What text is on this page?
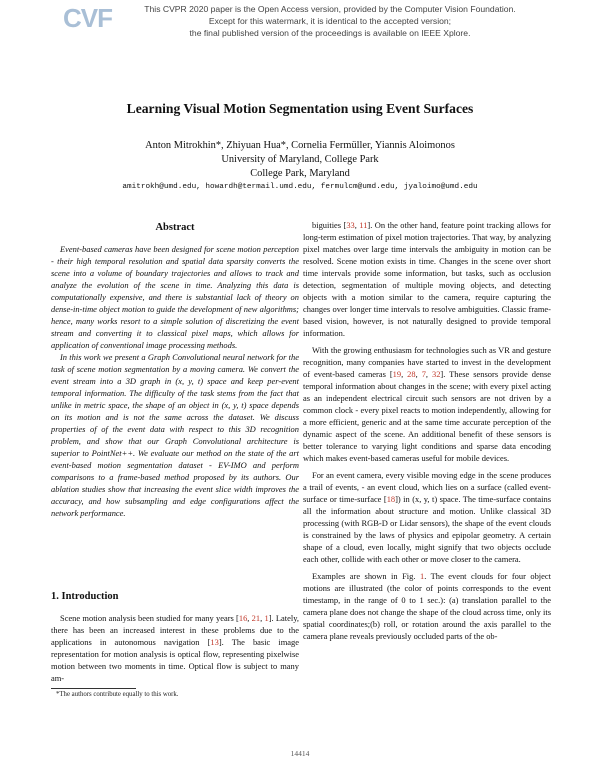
CVF	This CVPR 2020 paper is the Open Access version, provided by the Computer Vision Foundation.
Except for this watermark, it is identical to the accepted version;
the final published version of the proceedings is available on IEEE Xplore.
Learning Visual Motion Segmentation using Event Surfaces
Anton Mitrokhin*, Zhiyuan Hua*, Cornelia Fermüller, Yiannis Aloimonos
University of Maryland, College Park
College Park, Maryland
amitrokh@umd.edu, howardh@termail.umd.edu, fermulcm@umd.edu, jyaloimo@umd.edu
Abstract

Event-based cameras have been designed for scene motion perception - their high temporal resolution and spatial data sparsity converts the scene into a volume of boundary trajectories and allows to track and analyze the evolution of the scene in time. Analyzing this data is computationally expensive, and there is substantial lack of theory on dense-in-time object motion to guide the development of new algorithms; hence, many works resort to a simple solution of discretizing the event stream and converting it to classical pixel maps, which allows for application of conventional image processing methods.

In this work we present a Graph Convolutional neural network for the task of scene motion segmentation by a moving camera. We convert the event stream into a 3D graph in (x, y, t) space and keep per-event temporal information. The difficulty of the task stems from the fact that unlike in metric space, the shape of an object in (x, y, t) space depends on its motion and is not the same across the dataset. We discuss properties of of the event data with respect to this 3D recognition problem, and show that our Graph Convolutional architecture is superior to PointNet++. We evaluate our method on the state of the art event-based motion segmentation dataset - EV-IMO and perform comparisons to a frame-based method proposed by its authors. Our ablation studies show that increasing the event slice width improves the accuracy, and how subsampling and edge configurations affect the network performance.

1. Introduction

Scene motion analysis been studied for many years [16, 21, 1]. Lately, there has been an increased interest in these problems due to the applications in autonomous navigation [13]. The basic image representation for motion analysis is optical flow, representing pixelwise motion between two moments in time. Optical flow is subject to many am-

biguities [33, 11]. On the other hand, feature point tracking allows for long-term estimation of pixel motion trajectories. That way, by analyzing pixel matches over large time intervals the ambiguity in motion can be resolved. Scene motion exists in time. Changes in the scene over short time intervals provide some information, but tasks, such as occlusion detection, segmentation of multiple moving objects, and detecting objects with a motion similar to the camera, require capturing the changes over longer time intervals to resolve ambiguities. Classic frame-based vision, however, is not naturally designed to provide temporal information.

With the growing enthusiasm for technologies such as VR and gesture recognition, many companies have started to invest in the development of event-based cameras [19, 28, 7, 32]. These sensors provide dense temporal information about changes in the scene; with every pixel acting as an independent electrical circuit such sensors are not driven by a common clock - every pixel reacts to motion independently, allowing for a more efficient, generic and at the same time accurate perception of the dynamic aspect of the scene. An additional benefit of these sensors is better tolerance to varying light conditions and sparse data encoding which makes event-based cameras useful for mobile devices.

For an event camera, every visible moving edge in the scene produces a trail of events, - an event cloud, which lies on a surface (called event-surface or time-surface [18]) in (x, y, t) space. The time-surface contains all the information about structure and motion. Unlike classical 3D processing (with RGB-D or Lidar sensors), the shape of the event clouds is constrained by the laws of physics and epipolar geometry. A certain shape of a cloud, even locally, might signify that two objects occlude each other, collide with each other or move closer to the camera.

Examples are shown in Fig. 1. The event clouds for four object motions are illustrated (the color of points corresponds to the event timestamp, in the range of 0 to 1 sec.): (a) translation parallel to the camera plane does not change the shape of the cloud across time, only its spatial coordinates;(b) roll, or rotation around the axis parallel to the camera plane reveals previously occluded parts of the ob-

*The authors contribute equally to this work.
14414
